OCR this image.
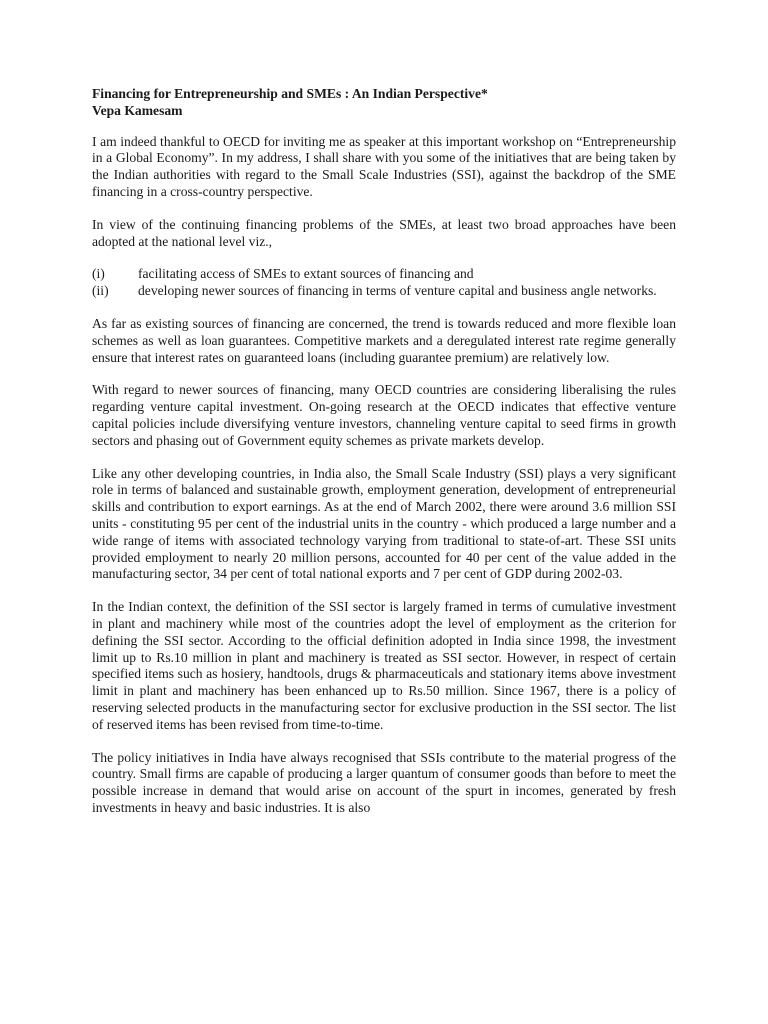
Financing for Entrepreneurship and SMEs : An Indian Perspective*
Vepa Kamesam

I am indeed thankful to OECD for inviting me as speaker at this important workshop on “Entrepreneurship in a Global Economy”. In my address, I shall share with you some of the initiatives that are being taken by the Indian authorities with regard to the Small Scale Industries (SSI), against the backdrop of the SME financing in a cross-country perspective.

In view of the continuing financing problems of the SMEs, at least two broad approaches have been adopted at the national level viz.,

(i)	facilitating access of SMEs to extant sources of financing and
(ii)	developing newer sources of financing in terms of venture capital and business angle networks.

As far as existing sources of financing are concerned, the trend is towards reduced and more flexible loan schemes as well as loan guarantees. Competitive markets and a deregulated interest rate regime generally ensure that interest rates on guaranteed loans (including guarantee premium) are relatively low.

With regard to newer sources of financing, many OECD countries are considering liberalising the rules regarding venture capital investment. On-going research at the OECD indicates that effective venture capital policies include diversifying venture investors, channeling venture capital to seed firms in growth sectors and phasing out of Government equity schemes as private markets develop.

Like any other developing countries, in India also, the Small Scale Industry (SSI) plays a very significant role in terms of balanced and sustainable growth, employment generation, development of entrepreneurial skills and contribution to export earnings. As at the end of March 2002, there were around 3.6 million SSI units - constituting 95 per cent of the industrial units in the country - which produced a large number and a wide range of items with associated technology varying from traditional to state-of-art. These SSI units provided employment to nearly 20 million persons, accounted for 40 per cent of the value added in the manufacturing sector, 34 per cent of total national exports and 7 per cent of GDP during 2002-03.

In the Indian context, the definition of the SSI sector is largely framed in terms of cumulative investment in plant and machinery while most of the countries adopt the level of employment as the criterion for defining the SSI sector. According to the official definition adopted in India since 1998, the investment limit up to Rs.10 million in plant and machinery is treated as SSI sector. However, in respect of certain specified items such as hosiery, handtools, drugs & pharmaceuticals and stationary items above investment limit in plant and machinery has been enhanced up to Rs.50 million. Since 1967, there is a policy of reserving selected products in the manufacturing sector for exclusive production in the SSI sector. The list of reserved items has been revised from time-to-time.

The policy initiatives in India have always recognised that SSIs contribute to the material progress of the country. Small firms are capable of producing a larger quantum of consumer goods than before to meet the possible increase in demand that would arise on account of the spurt in incomes, generated by fresh investments in heavy and basic industries. It is also
